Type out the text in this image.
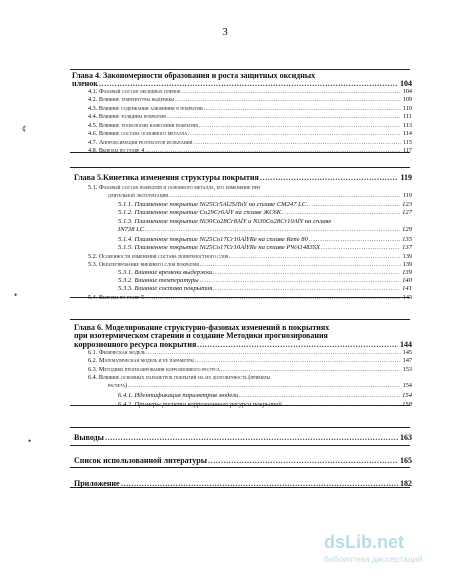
3
¢
•
•
Глава 4. Закономерности образования и роста защитных оксидных
пленок	104
.....
4.1. Фазовый состав оксидных пленок	104
.....
4.2. Влияние температуры выдержки	109
.....
4.3. Влияние содержания алюминия в покрытии	110
.....
4.4. Влияние толщины покрытия	111
.....
4.5. Влияние технологии нанесения покрытия	113
.....
4.6. Влияние состава основного металла	114
.....
4.7. Аппроксимация результатов испытаний	115
.....
4.8. Выводы по главе 4	117
.....
Глава 5.Кинетика изменения структуры покрытия	119
.....
5.1. Фазовый состав покрытия и основного металла, его изменение при
длительной эксплуатации	119
.....
5.1.1. Плазменное покрытие Ni25Cr5Al2SiTaY на сплаве CM247 LC	123
.....
5.1.2. Плазменное покрытие Co29Cr6AlY на сплаве ЖС6К	127
.....
5.1.3. Плазменное покрытие Ni30Co28Cr8AlY и Ni30Co28Cr10AlY на сплаве
IN738 LC	129
.....
5.1.4. Плазменное покрытие Ni25Co17Cr10AlYRe на сплаве Rene 80	135
.....
5.1.5. Плазменное покрытие Ni25Co17Cr10AlYRe на сплаве PWA1483SX	137
.....
5.2. Особенности изменения состава поверхностного слоя	139
.....
5.3. Обезлегирование внешнего слоя покрытия	139
.....
5.3.1. Влияние времени выдержки	139
.....
5.3.2. Влияние температуры	140
.....
5.3.3. Влияние состава покрытия	141
.....
5.4. Выводы по главе 5	143
.....
Глава 6. Моделирование структурно-фазовых изменений в покрытиях
при изотермическом старении и создание Методики прогнозирования
коррозионного ресурса покрытия	144
.....
6.1. Физическая модель	145
.....
6.2. Математическая модель и ее параметры	147
.....
6.3. Методики прогнозирования коррозионного ресурса	153
.....
6.4. Влияние основных параметров покрытий на их долговечность (примеры
расчета)	154
.....
6.4.1. Идентификация параметров модели	154
.....
6.4.2. Примеры расчета коррозионного ресурса покрытий	158
.....
Выводы	163
.....
Список использованной литературы	165
.....
Приложение	182
.....
dsLib.net
библиотека диссертаций
